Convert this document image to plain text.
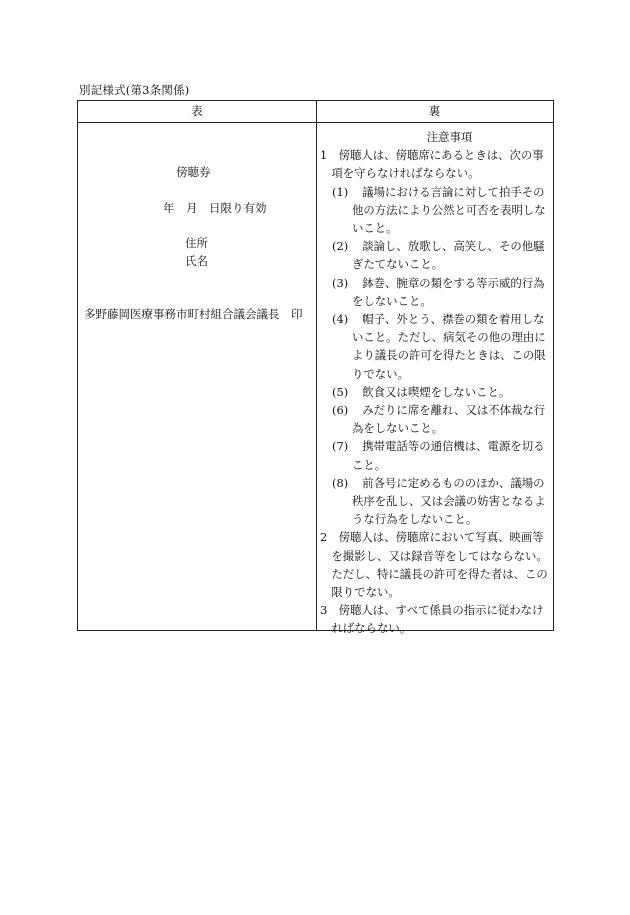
別記様式(第3条関係)
表	裏
傍聴券
年　月　日限り有効
住所
氏名
多野藤岡医療事務市町村組合議会議長　印
注意事項
1　傍聴人は、傍聴席にあるときは、次の事項を守らなければならない。
(1)	議場における言論に対して拍手その他の方法により公然と可否を表明しないこと。
(2)	談論し、放歌し、高笑し、その他騒ぎたてないこと。
(3)	鉢巻、腕章の類をする等示威的行為をしないこと。
(4)	帽子、外とう、襟巻の類を着用しないこと。ただし、病気その他の理由により議長の許可を得たときは、この限りでない。
(5)	飲食又は喫煙をしないこと。
(6)	みだりに席を離れ、又は不体裁な行為をしないこと。
(7)	携帯電話等の通信機は、電源を切ること。
(8)	前各号に定めるもののほか、議場の秩序を乱し、又は会議の妨害となるような行為をしないこと。
2　傍聴人は、傍聴席において写真、映画等を撮影し、又は録音等をしてはならない。ただし、特に議長の許可を得た者は、この限りでない。
3　傍聴人は、すべて係員の指示に従わなければならない。
